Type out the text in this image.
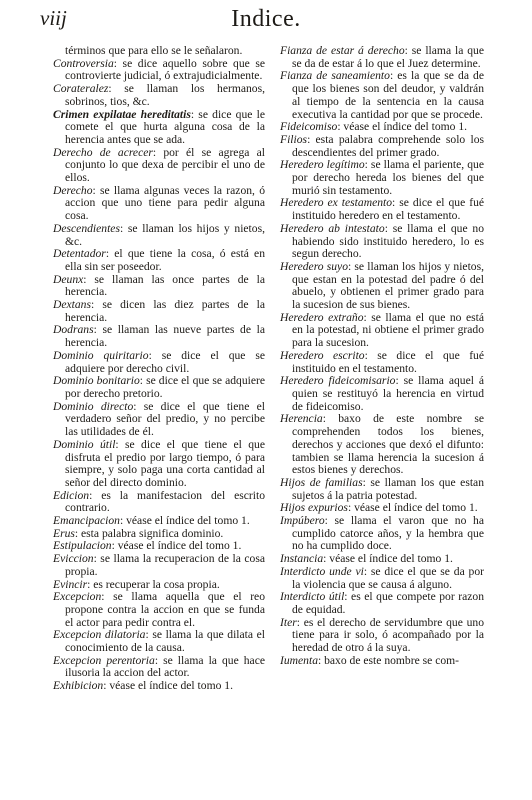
viij	Indice.

términos que para ello se le señalaron.

Controversia: se dice aquello sobre que se controvierte judicial, ó extrajudicialmente.

Corateralez: se llaman los hermanos, sobrinos, tios, &c.

Crimen expilatae hereditatis: se dice que le comete el que hurta alguna cosa de la herencia antes que se ada.

Derecho de acrecer: por él se agrega al conjunto lo que dexa de percibir el uno de ellos.

Derecho: se llama algunas veces la razon, ó accion que uno tiene para pedir alguna cosa.

Descendientes: se llaman los hijos y nietos, &c.

Detentador: el que tiene la cosa, ó está en ella sin ser poseedor.

Deunx: se llaman las once partes de la herencia.

Dextans: se dicen las diez partes de la herencia.

Dodrans: se llaman las nueve partes de la herencia.

Dominio quiritario: se dice el que se adquiere por derecho civil.

Dominio bonitario: se dice el que se adquiere por derecho pretorio.

Dominio directo: se dice el que tiene el verdadero señor del predio, y no percibe las utilidades de él.

Dominio útil: se dice el que tiene el que disfruta el predio por largo tiempo, ó para siempre, y solo paga una corta cantidad al señor del directo dominio.

Edicion: es la manifestacion del escrito contrario.

Emancipacion: véase el índice del tomo 1.

Erus: esta palabra significa dominio.

Estipulacion: véase el índice del tomo 1.

Eviccion: se llama la recuperacion de la cosa propia.

Evincir: es recuperar la cosa propia.

Excepcion: se llama aquella que el reo propone contra la accion en que se funda el actor para pedir contra el.

Excepcion dilatoria: se llama la que dilata el conocimiento de la causa.

Excepcion perentoria: se llama la que hace ilusoria la accion del actor.

Exhibicion: véase el índice del tomo 1.

Fianza de estar á derecho: se llama la que se da de estar á lo que el Juez determine.

Fianza de saneamiento: es la que se da de que los bienes son del deudor, y valdrán al tiempo de la sentencia en la causa executiva la cantidad por que se procede.

Fideicomiso: véase el índice del tomo 1.

Filios: esta palabra comprehende solo los descendientes del primer grado.

Heredero legítimo: se llama el pariente, que por derecho hereda los bienes del que murió sin testamento.

Heredero ex testamento: se dice el que fué instituido heredero en el testamento.

Heredero ab intestato: se llama el que no habiendo sido instituido heredero, lo es segun derecho.

Heredero suyo: se llaman los hijos y nietos, que estan en la potestad del padre ó del abuelo, y obtienen el primer grado para la sucesion de sus bienes.

Heredero extraño: se llama el que no está en la potestad, ni obtiene el primer grado para la sucesion.

Heredero escrito: se dice el que fué instituido en el testamento.

Heredero fideicomisario: se llama aquel á quien se restituyó la herencia en virtud de fideicomiso.

Herencia: baxo de este nombre se comprehenden todos los bienes, derechos y acciones que dexó el difunto: tambien se llama herencia la sucesion á estos bienes y derechos.

Hijos de familias: se llaman los que estan sujetos á la patria potestad.

Hijos expurios: véase el índice del tomo 1.

Impúbero: se llama el varon que no ha cumplido catorce años, y la hembra que no ha cumplido doce.

Instancia: véase el índice del tomo 1.

Interdicto unde vi: se dice el que se da por la violencia que se causa á alguno.

Interdicto útil: es el que compete por razon de equidad.

Iter: es el derecho de servidumbre que uno tiene para ir solo, ó acompañado por la heredad de otro á la suya.

Iumenta: baxo de este nombre se com-
